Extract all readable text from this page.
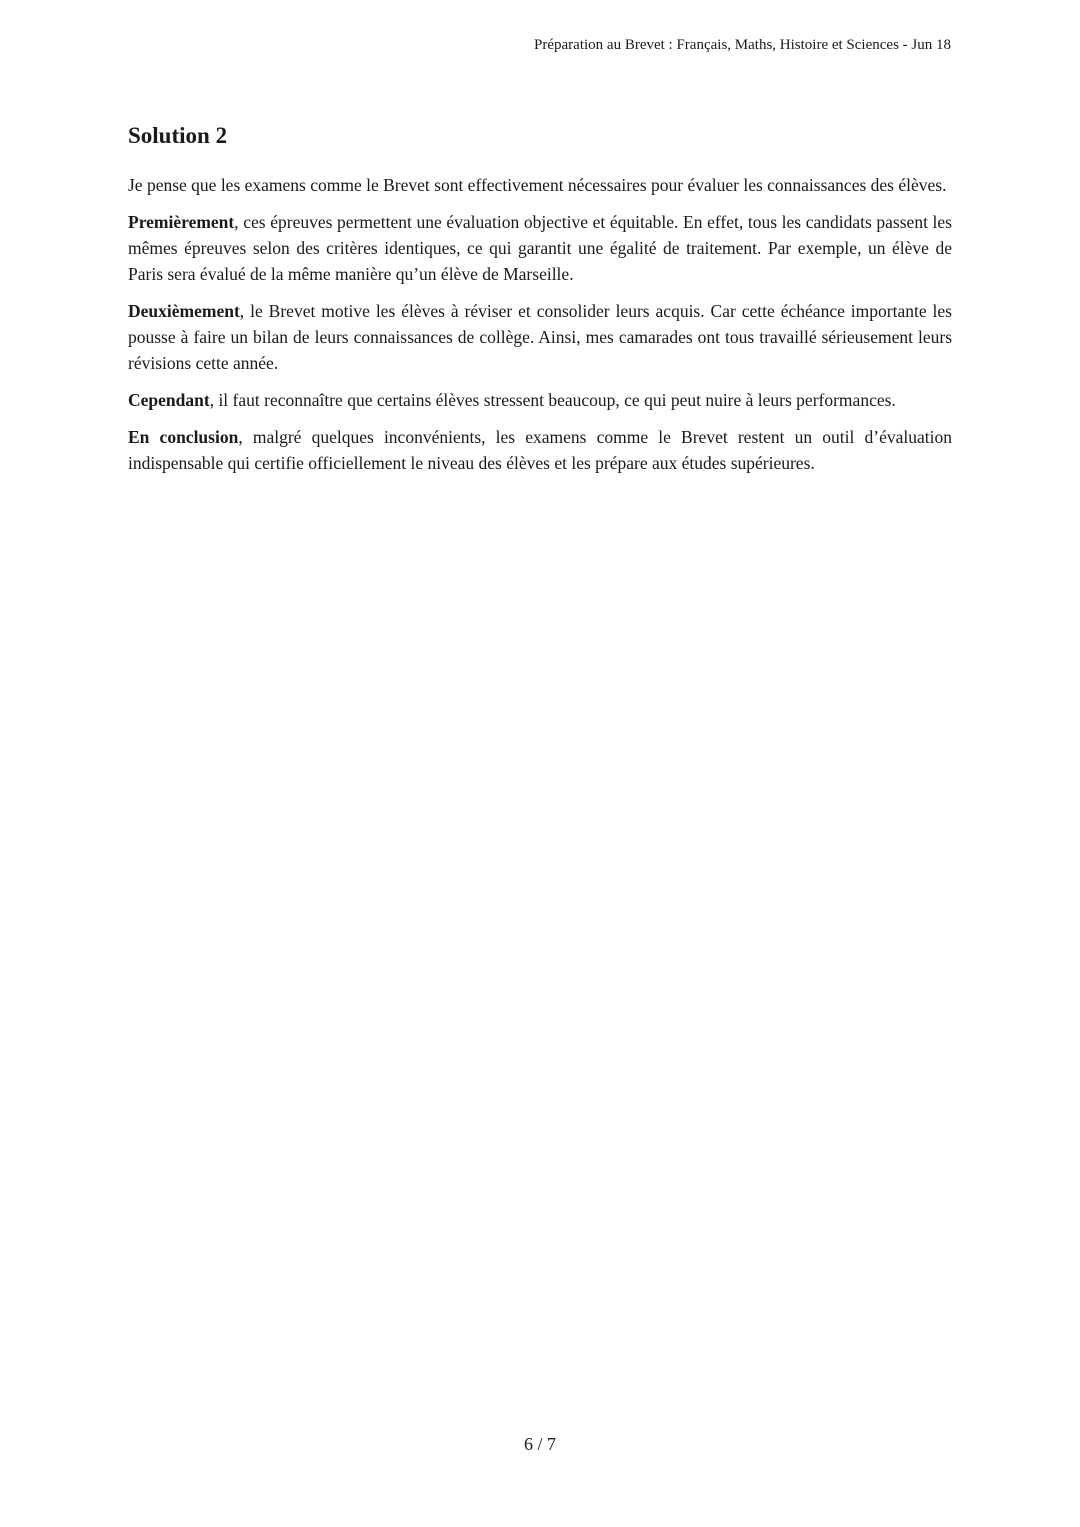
Préparation au Brevet : Français, Maths, Histoire et Sciences - Jun 18
Solution 2

Je pense que les examens comme le Brevet sont effectivement nécessaires pour évaluer les connaissances des élèves.

Premièrement, ces épreuves permettent une évaluation objective et équitable. En effet, tous les candidats passent les mêmes épreuves selon des critères identiques, ce qui garantit une égalité de traitement. Par exemple, un élève de Paris sera évalué de la même manière qu’un élève de Marseille.

Deuxièmement, le Brevet motive les élèves à réviser et consolider leurs acquis. Car cette échéance importante les pousse à faire un bilan de leurs connaissances de collège. Ainsi, mes camarades ont tous travaillé sérieusement leurs révisions cette année.

Cependant, il faut reconnaître que certains élèves stressent beaucoup, ce qui peut nuire à leurs performances.

En conclusion, malgré quelques inconvénients, les examens comme le Brevet restent un outil d’évaluation indispensable qui certifie officiellement le niveau des élèves et les prépare aux études supérieures.

6 / 7
